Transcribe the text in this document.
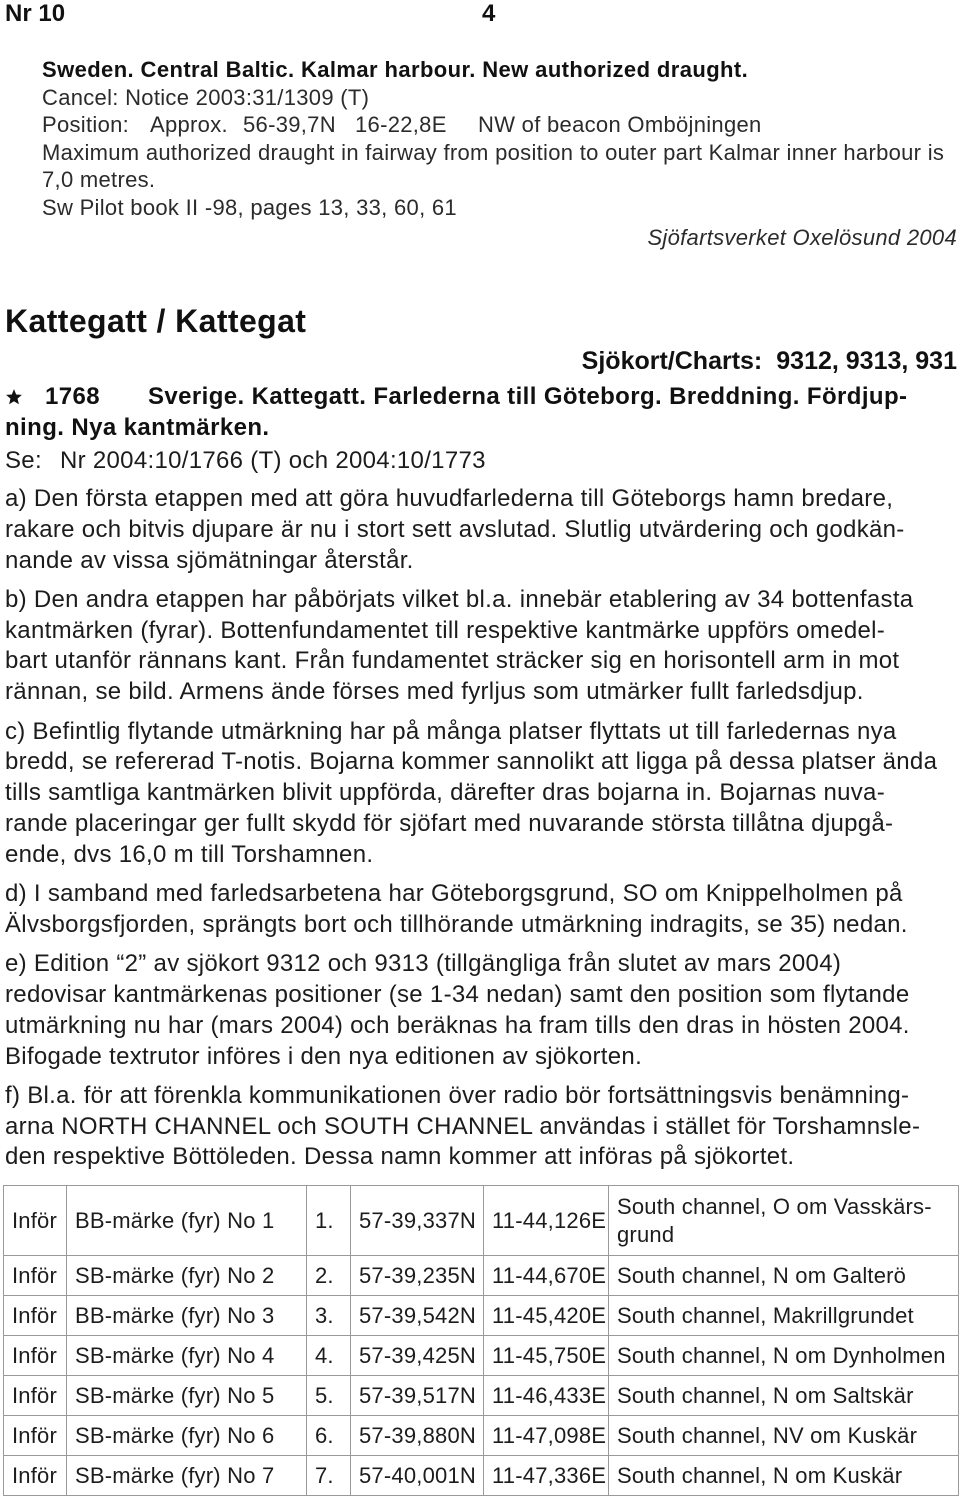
Nr 10	4
Sweden. Central Baltic. Kalmar harbour. New authorized draught.
Cancel: Notice 2003:31/1309 (T)
Position: Approx. 56-39,7N 16-22,8E NW of beacon Omböjningen
Maximum authorized draught in fairway from position to outer part Kalmar inner harbour is
7,0 metres.
Sw Pilot book II -98, pages 13, 33, 60, 61
Sjöfartsverket Oxelösund 2004
Kattegatt / Kattegat
Sjökort/Charts: 9312, 9313, 931
1768	Sverige. Kattegatt. Farlederna till Göteborg. Breddning. Fördjup-
ning. Nya kantmärken.
Se: Nr 2004:10/1766 (T) och 2004:10/1773
a) Den första etappen med att göra huvudfarlederna till Göteborgs hamn bredare,
rakare och bitvis djupare är nu i stort sett avslutad. Slutlig utvärdering och godkän-
nande av vissa sjömätningar återstår.
b) Den andra etappen har påbörjats vilket bl.a. innebär etablering av 34 bottenfasta
kantmärken (fyrar). Bottenfundamentet till respektive kantmärke uppförs omedel-
bart utanför rännans kant. Från fundamentet sträcker sig en horisontell arm in mot
rännan, se bild. Armens ände förses med fyrljus som utmärker fullt farledsdjup.
c) Befintlig flytande utmärkning har på många platser flyttats ut till farledernas nya
bredd, se refererad T-notis. Bojarna kommer sannolikt att ligga på dessa platser ända
tills samtliga kantmärken blivit uppförda, därefter dras bojarna in. Bojarnas nuva-
rande placeringar ger fullt skydd för sjöfart med nuvarande största tillåtna djupgå-
ende, dvs 16,0 m till Torshamnen.
d) I samband med farledsarbetena har Göteborgsgrund, SO om Knippelholmen på
Älvsborgsfjorden, sprängts bort och tillhörande utmärkning indragits, se 35) nedan.
e) Edition “2” av sjökort 9312 och 9313 (tillgängliga från slutet av mars 2004)
redovisar kantmärkenas positioner (se 1-34 nedan) samt den position som flytande
utmärkning nu har (mars 2004) och beräknas ha fram tills den dras in hösten 2004.
Bifogade textrutor införes i den nya editionen av sjökorten.
f) Bl.a. för att förenkla kommunikationen över radio bör fortsättningsvis benämning-
arna NORTH CHANNEL och SOUTH CHANNEL användas i stället för Torshamnsle-
den respektive Böttöleden. Dessa namn kommer att införas på sjökortet.
Inför	BB-märke (fyr) No 1	1.	57-39,337N	11-44,126E	South channel, O om Vasskärs-
grund
Inför	SB-märke (fyr) No 2	2.	57-39,235N	11-44,670E	South channel, N om Galterö
Inför	BB-märke (fyr) No 3	3.	57-39,542N	11-45,420E	South channel, Makrillgrundet
Inför	SB-märke (fyr) No 4	4.	57-39,425N	11-45,750E	South channel, N om Dynholmen
Inför	SB-märke (fyr) No 5	5.	57-39,517N	11-46,433E	South channel, N om Saltskär
Inför	SB-märke (fyr) No 6	6.	57-39,880N	11-47,098E	South channel, NV om Kuskär
Inför	SB-märke (fyr) No 7	7.	57-40,001N	11-47,336E	South channel, N om Kuskär
